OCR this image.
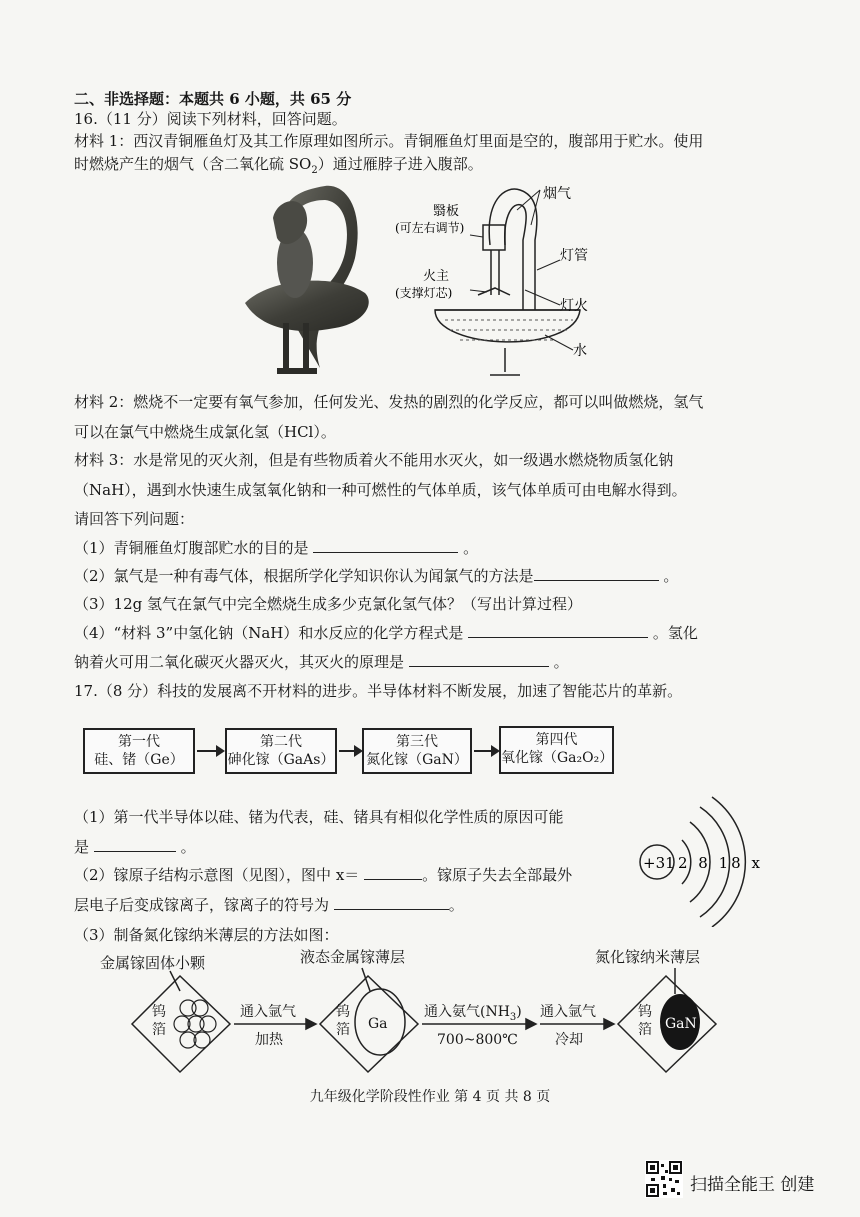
二、非选择题：本题共 6 小题，共 65 分
16.（11 分）阅读下列材料，回答问题。
材料 1：西汉青铜雁鱼灯及其工作原理如图所示。青铜雁鱼灯里面是空的，腹部用于贮水。使用
时燃烧产生的烟气（含二氧化硫 $SO_2$）通过雁脖子进入腹部。
烟气
翳板
(可左右调节)
灯管
火主
(支撑灯芯)
灯火
水
材料 2：燃烧不一定要有氧气参加，任何发光、发热的剧烈的化学反应，都可以叫做燃烧，氢气
可以在氯气中燃烧生成氯化氢（HCl）。
材料 3：水是常见的灭火剂，但是有些物质着火不能用水灭火，如一级遇水燃烧物质氢化钠
（NaH），遇到水快速生成氢氧化钠和一种可燃性的气体单质，该气体单质可由电解水得到。
请回答下列问题：
（1）青铜雁鱼灯腹部贮水的目的是	。
（2）氯气是一种有毒气体，根据所学化学知识你认为闻氯气的方法是	。
（3）12g 氢气在氯气中完全燃烧生成多少克氯化氢气体？（写出计算过程）
（4）“材料 3”中氢化钠（NaH）和水反应的化学方程式是	。氢化
钠着火可用二氧化碳灭火器灭火，其灭火的原理是	。
17.（8 分）科技的发展离不开材料的进步。半导体材料不断发展，加速了智能芯片的革新。
第一代
硅、锗（Ge）
第二代
砷化镓（GaAs）
第三代
氮化镓（GaN）
第四代
氧化镓（Ga₂O₂）
（1）第一代半导体以硅、锗为代表，硅、锗具有相似化学性质的原因可能
是	。
（2）镓原子结构示意图（见图），图中 x＝	。镓原子失去全部最外
层电子后变成镓离子，镓离子的符号为	。
+31 2 8 18 x
（3）制备氮化镓纳米薄层的方法如图：
金属镓固体小颗	液态金属镓薄层	氮化镓纳米薄层
钨
箔
钨
箔 Ga
钨
箔 GaN
通入氩气
加热
通入氨气$(NH_3)$
700~800℃
通入氩气
冷却
九年级化学阶段性作业 第 4 页 共 8 页
扫描全能王 创建
